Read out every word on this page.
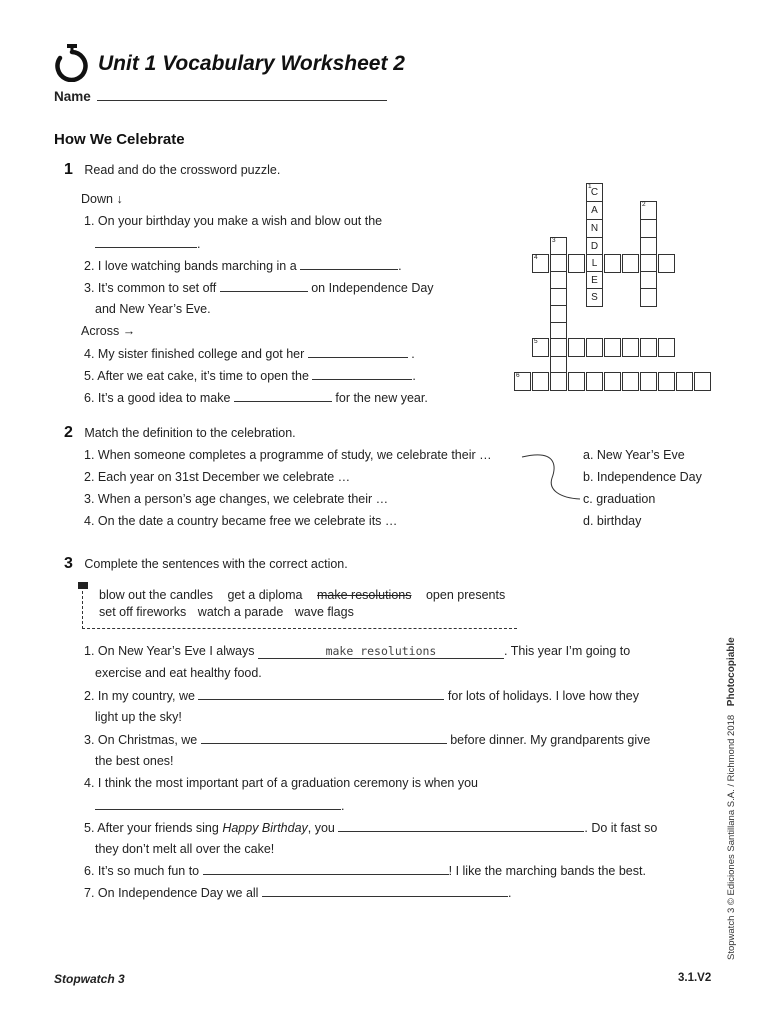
Unit 1 Vocabulary Worksheet 2
Name
How We Celebrate
1 Read and do the crossword puzzle.
Down ↓
1. On your birthday you make a wish and blow out the
.
2. I love watching bands marching in a	.
3. It’s common to set off	on Independence Day
and New Year’s Eve.
Across →
4. My sister finished college and got her	.
5. After we eat cake, it’s time to open the	.
6. It’s a good idea to make	for the new year.
1
C
A
N
D
L
E
S
2
3
4
5
6
2 Match the definition to the celebration.
1. When someone completes a programme of study, we celebrate their …
2. Each year on 31st December we celebrate …
3. When a person’s age changes, we celebrate their …
4. On the date a country became free we celebrate its …
a. New Year’s Eve
b. Independence Day
c. graduation
d. birthday
3 Complete the sentences with the correct action.
blow out the candles get a diploma make resolutions open presents
set off fireworks watch a parade wave flags
1. On New Year’s Eve I always	make resolutions	. This year I’m going to
exercise and eat healthy food.
2. In my country, we	for lots of holidays. I love how they
light up the sky!
3. On Christmas, we	before dinner. My grandparents give
the best ones!
4. I think the most important part of a graduation ceremony is when you
.
5. After your friends sing Happy Birthday, you	. Do it fast so
they don’t melt all over the cake!
6. It’s so much fun to	! I like the marching bands the best.
7. On Independence Day we all	.	Stopwatch 3 © Ediciones Santillana S.A. / Richmond 2018 Photocopiable
Stopwatch 3	3.1.V2
